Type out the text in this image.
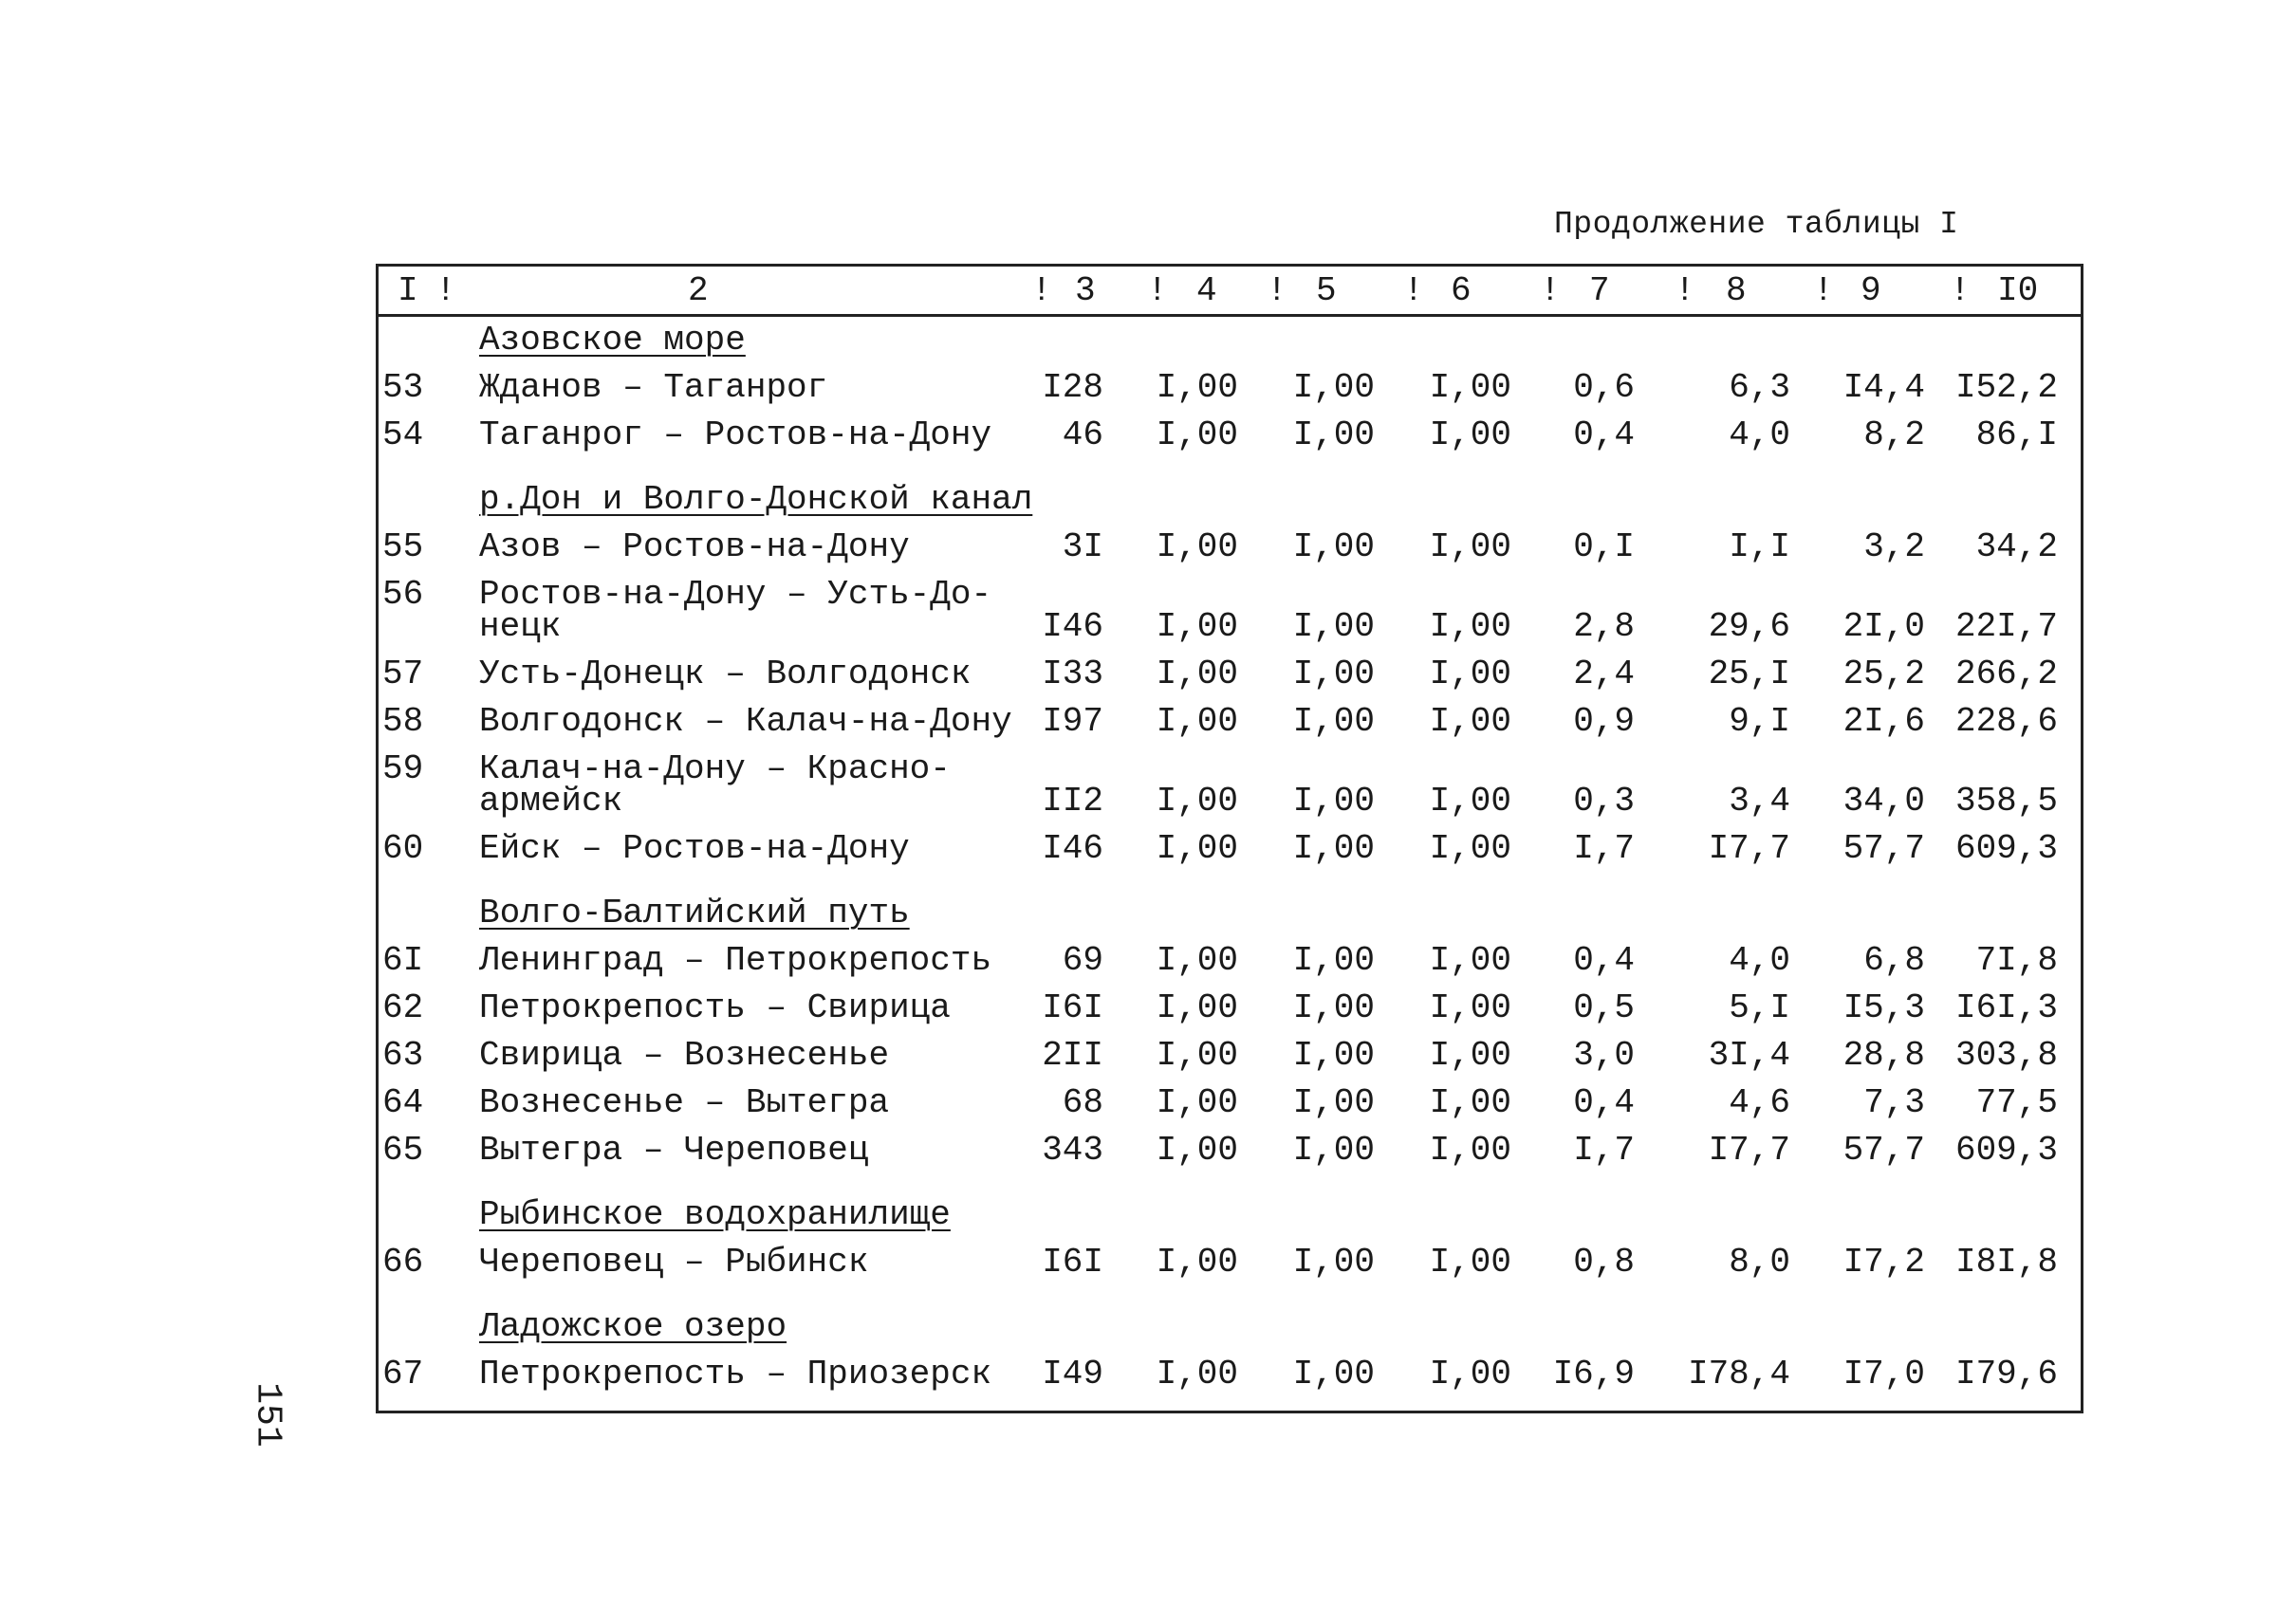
Продолжение таблицы I
151
I	2	3	4	5	6	7	8	9	I0
!	!	!	!	!	!	!	!	!
Азовское море
53 Жданов – Таганрог	I28 I,00 I,00 I,00 0,6	6,3 I4,4 I52,2
54 Таганрог – Ростов-на-Дону 46 I,00 I,00 I,00 0,4	4,0 8,2 86,I
р.Дон и Волго-Донской канал
55 Азов – Ростов-на-Дону	3I I,00 I,00 I,00 0,I	I,I 3,2 34,2
56 Ростов-на-Дону – Усть-До-
нецк	I46 I,00 I,00 I,00 2,8 29,6 2I,0 22I,7
57 Усть-Донецк – Волгодонск I33 I,00 I,00 I,00 2,4 25,I 25,2 266,2
58 Волгодонск – Калач-на-Дону I97 I,00 I,00 I,00 0,9	9,I 2I,6 228,6
59 Калач-на-Дону – Красно-
армейск	II2 I,00 I,00 I,00 0,3	3,4 34,0 358,5
60 Ейск – Ростов-на-Дону	I46 I,00 I,00 I,00 I,7 I7,7 57,7 609,3
Волго-Балтийский путь
6I Ленинград – Петрокрепость 69 I,00 I,00 I,00 0,4	4,0 6,8 7I,8
62 Петрокрепость – Свирица	I6I I,00 I,00 I,00 0,5	5,I I5,3 I6I,3
63 Свирица – Вознесенье	2II I,00 I,00 I,00 3,0 3I,4 28,8 303,8
64 Вознесенье – Вытегра	68 I,00 I,00 I,00 0,4	4,6 7,3 77,5
65 Вытегра – Череповец	343 I,00 I,00 I,00 I,7 I7,7 57,7 609,3
Рыбинское водохранилище
66 Череповец – Рыбинск	I6I I,00 I,00 I,00 0,8	8,0 I7,2 I8I,8
Ладожское озеро
67 Петрокрепость – Приозерск I49 I,00 I,00 I,00 I6,9 I78,4 I7,0 I79,6
